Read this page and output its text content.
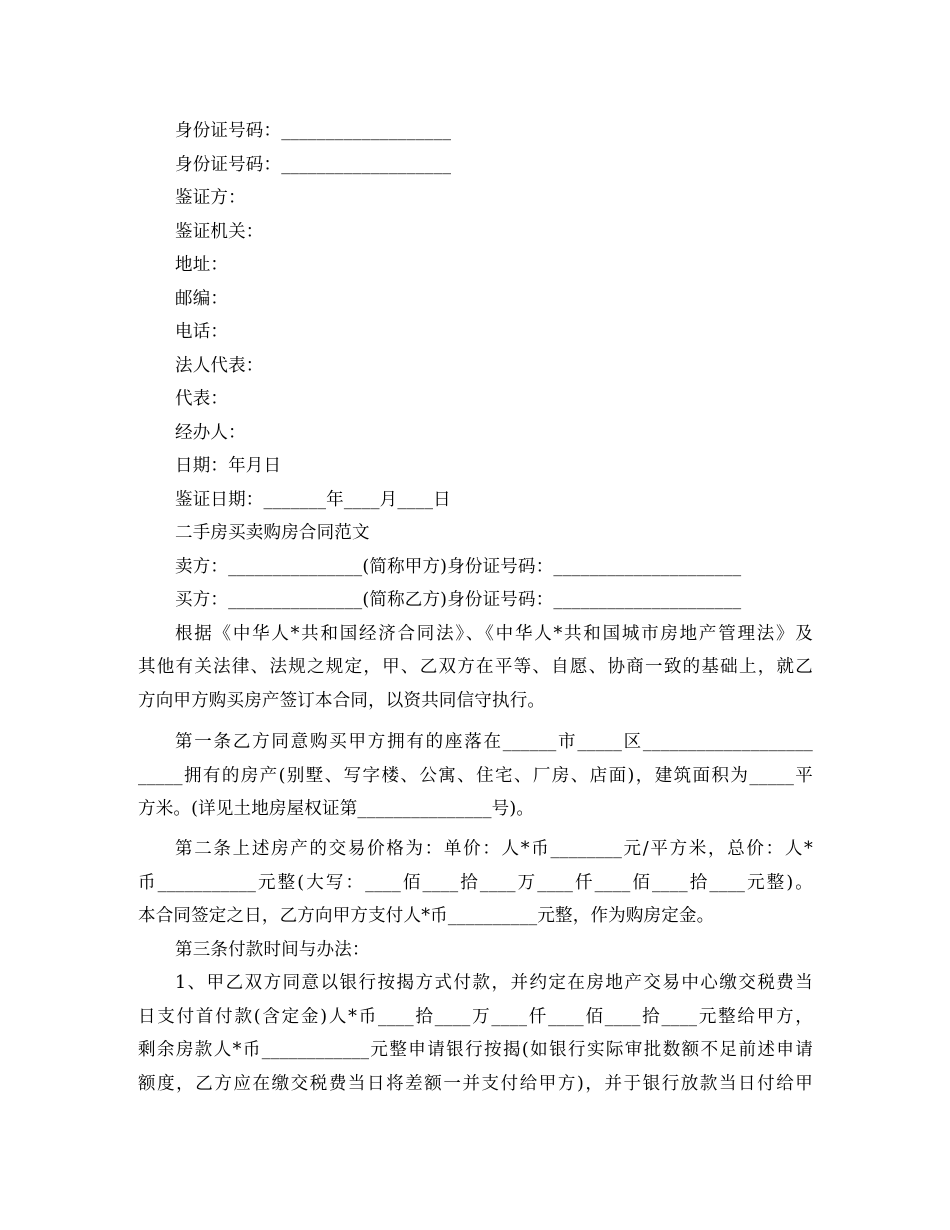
身份证号码：___________________
身份证号码：___________________
鉴证方：
鉴证机关：
地址：
邮编：
电话：
法人代表：
代表：
经办人：
日期：年月日
鉴证日期：_______年____月____日
二手房买卖购房合同范文
卖方：_______________(简称甲方)身份证号码：_____________________
买方：_______________(简称乙方)身份证号码：_____________________
根据《中华人*共和国经济合同法》、《中华人*共和国城市房地产管理法》及
其他有关法律、法规之规定，甲、乙双方在平等、自愿、协商一致的基础上，就乙
方向甲方购买房产签订本合同，以资共同信守执行。
第一条乙方同意购买甲方拥有的座落在______市_____区___________________
_____拥有的房产(别墅、写字楼、公寓、住宅、厂房、店面)，建筑面积为_____平
方米。(详见土地房屋权证第_______________号)。
第二条上述房产的交易价格为：单价：人*币________元/平方米，总价：人*
币___________元整(大写：____佰____拾____万____仟____佰____拾____元整)。
本合同签定之日，乙方向甲方支付人*币__________元整，作为购房定金。
第三条付款时间与办法：
1、甲乙双方同意以银行按揭方式付款，并约定在房地产交易中心缴交税费当
日支付首付款(含定金)人*币____拾____万____仟____佰____拾____元整给甲方，
剩余房款人*币____________元整申请银行按揭(如银行实际审批数额不足前述申请
额度，乙方应在缴交税费当日将差额一并支付给甲方)，并于银行放款当日付给甲
